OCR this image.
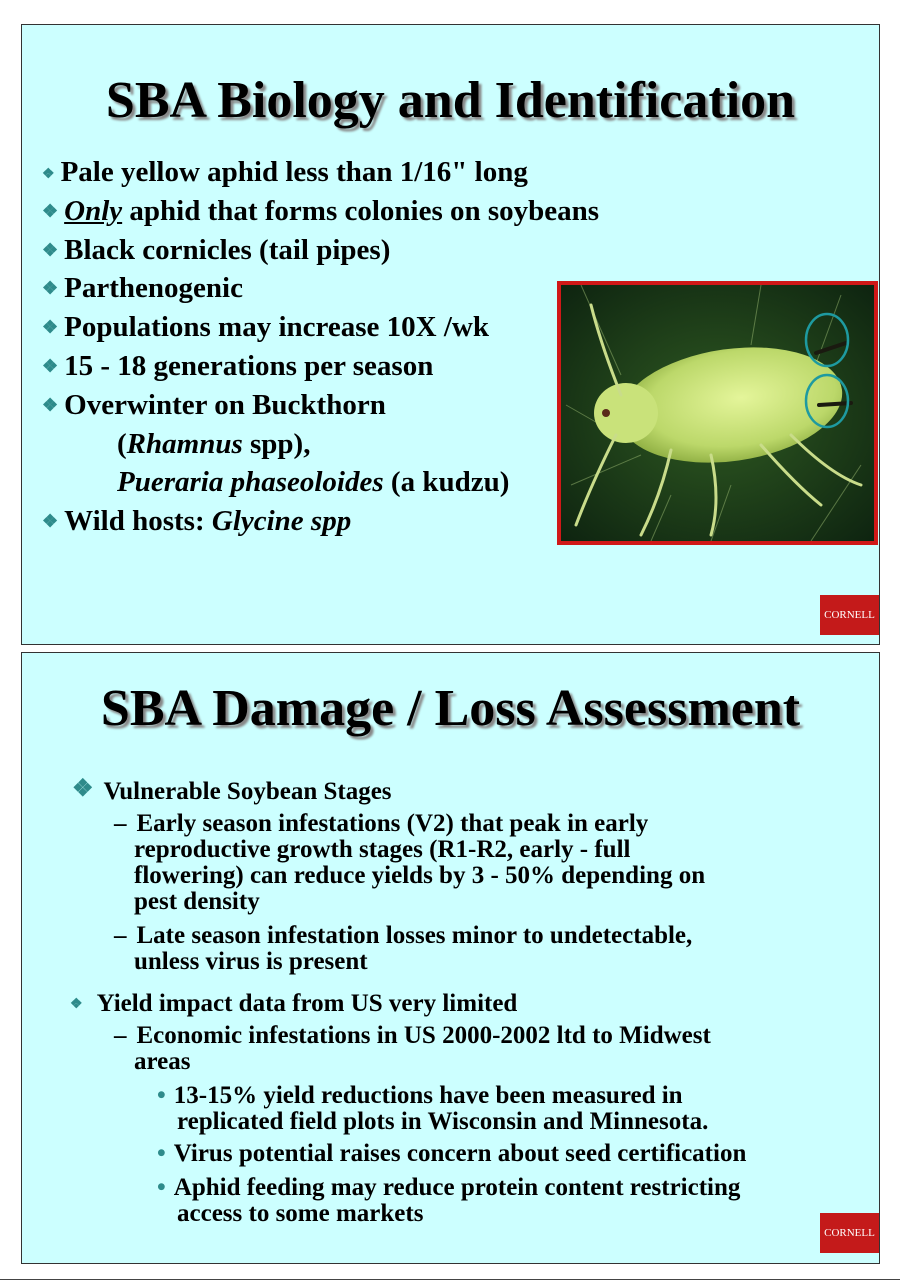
SBA Biology and Identification
❖ Pale yellow aphid less than 1/16" long
❖ Only aphid that forms colonies on soybeans
❖ Black cornicles (tail pipes)
❖ Parthenogenic
❖ Populations may increase 10X /wk
❖ 15 - 18 generations per season
❖ Overwinter on Buckthorn
(Rhamnus spp),
Pueraria phaseoloides (a kudzu)
❖ Wild hosts: Glycine spp
CORNELL
SBA Damage / Loss Assessment
❖ Vulnerable Soybean Stages
– Early season infestations (V2) that peak in early
reproductive growth stages (R1-R2, early - full
flowering) can reduce yields by 3 - 50% depending on
pest density
– Late season infestation losses minor to undetectable,
unless virus is present
❖ Yield impact data from US very limited
– Economic infestations in US 2000-2002 ltd to Midwest
areas
• 13-15% yield reductions have been measured in
replicated field plots in Wisconsin and Minnesota.
• Virus potential raises concern about seed certification
• Aphid feeding may reduce protein content restricting
access to some markets
CORNELL
